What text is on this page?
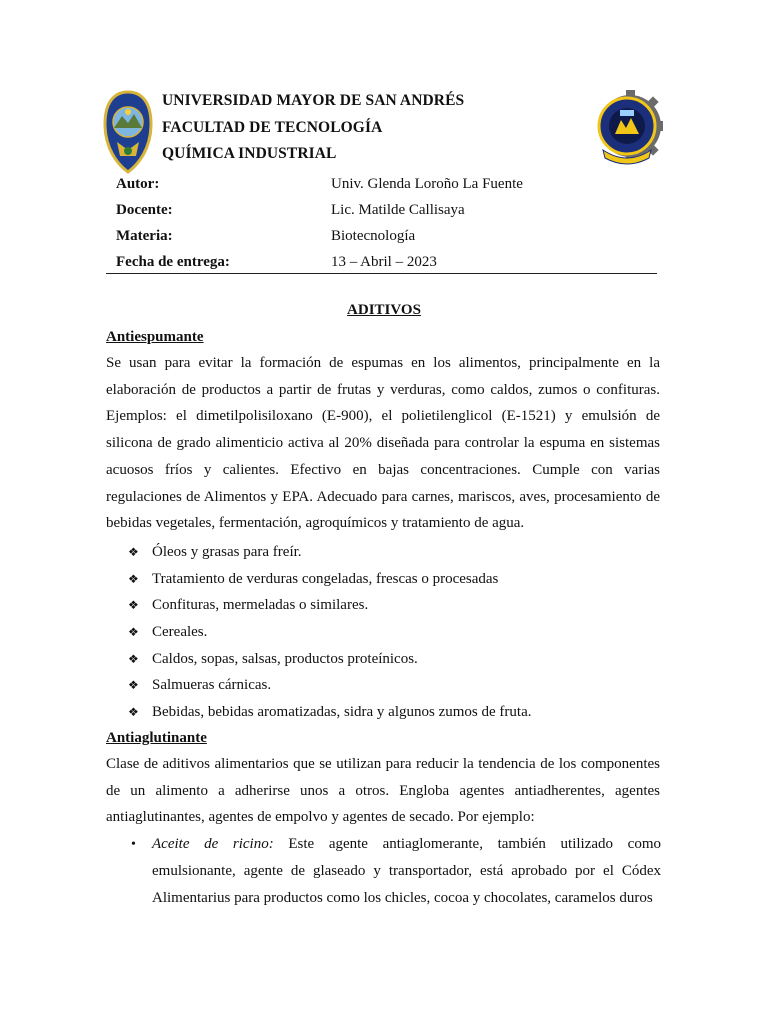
UNIVERSIDAD MAYOR DE SAN ANDRÉS
FACULTAD DE TECNOLOGÍA
QUÍMICA INDUSTRIAL
Autor:	Univ. Glenda Loroño La Fuente
Docente:	Lic. Matilde Callisaya
Materia:	Biotecnología
Fecha de entrega:	13 – Abril – 2023
ADITIVOS
Antiespumante
Se usan para evitar la formación de espumas en los alimentos, principalmente en la elaboración de productos a partir de frutas y verduras, como caldos, zumos o confituras. Ejemplos: el dimetilpolisiloxano (E-900), el polietilenglicol (E-1521) y emulsión de silicona de grado alimenticio activa al 20% diseñada para controlar la espuma en sistemas acuosos fríos y calientes. Efectivo en bajas concentraciones. Cumple con varias regulaciones de Alimentos y EPA. Adecuado para carnes, mariscos, aves, procesamiento de bebidas vegetales, fermentación, agroquímicos y tratamiento de agua.
❖ Óleos y grasas para freír.
❖ Tratamiento de verduras congeladas, frescas o procesadas
❖ Confituras, mermeladas o similares.
❖ Cereales.
❖ Caldos, sopas, salsas, productos proteínicos.
❖ Salmueras cárnicas.
❖ Bebidas, bebidas aromatizadas, sidra y algunos zumos de fruta.
Antiaglutinante
Clase de aditivos alimentarios que se utilizan para reducir la tendencia de los componentes de un alimento a adherirse unos a otros. Engloba agentes antiadherentes, agentes antiaglutinantes, agentes de empolvo y agentes de secado. Por ejemplo:
• Aceite de ricino: Este agente antiaglomerante, también utilizado como emulsionante, agente de glaseado y transportador, está aprobado por el Códex Alimentarius para productos como los chicles, cocoa y chocolates, caramelos duros
